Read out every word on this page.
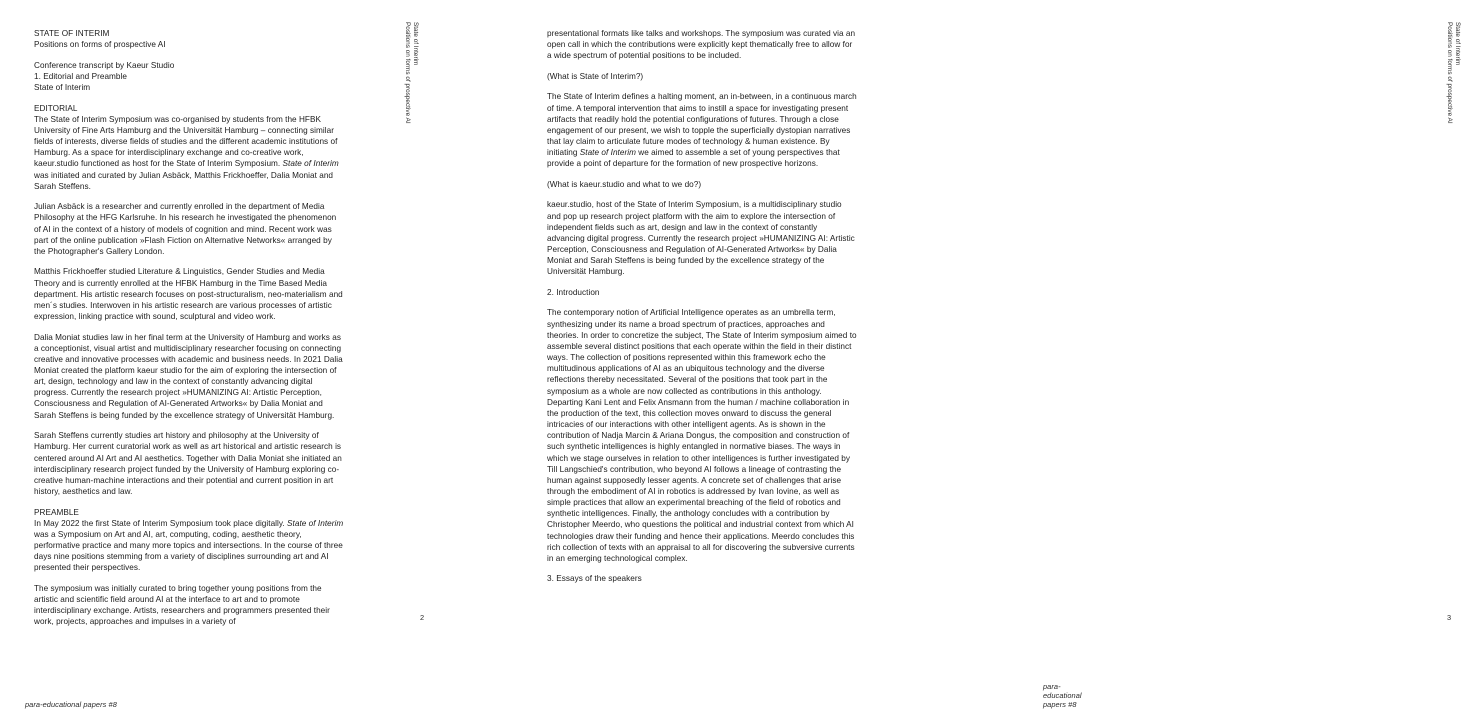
STATE OF INTERIM

Positions on forms of prospective AI

Conference transcript by Kaeur Studio

1. Editorial and Preamble

State of Interim

EDITORIAL

The State of Interim Symposium was co-organised by students from the HFBK University of Fine Arts Hamburg and the Universität Hamburg – connecting similar fields of interests, diverse fields of studies and the different academic institutions of Hamburg. As a space for interdisciplinary exchange and co-creative work, kaeur.studio functioned as host for the State of Interim Symposium. State of Interim was initiated and curated by Julian Asbäck, Matthis Frickhoeffer, Dalia Moniat and Sarah Steffens.

Julian Asbäck is a researcher and currently enrolled in the department of Media Philosophy at the HFG Karlsruhe. In his research he investigated the phenomenon of AI in the context of a history of models of cognition and mind. Recent work was part of the online publication »Flash Fiction on Alternative Networks« arranged by the Photographer's Gallery London.

Matthis Frickhoeffer studied Literature & Linguistics, Gender Studies and Media Theory and is currently enrolled at the HFBK Hamburg in the Time Based Media department. His artistic research focuses on post-structuralism, neo-materialism and men´s studies. Interwoven in his artistic research are various processes of artistic expression, linking practice with sound, sculptural and video work.

Dalia Moniat studies law in her final term at the University of Hamburg and works as a conceptionist, visual artist and multidisciplinary researcher focusing on connecting creative and innovative processes with academic and business needs. In 2021 Dalia Moniat created the platform kaeur studio for the aim of exploring the intersection of art, design, technology and law in the context of constantly advancing digital progress. Currently the research project »HUMANIZING AI: Artistic Perception, Consciousness and Regulation of AI-Generated Artworks« by Dalia Moniat and Sarah Steffens is being funded by the excellence strategy of Universität Hamburg.

Sarah Steffens currently studies art history and philosophy at the University of Hamburg. Her current curatorial work as well as art historical and artistic research is centered around AI Art and AI aesthetics. Together with Dalia Moniat she initiated an interdisciplinary research project funded by the University of Hamburg exploring co-creative human-machine interactions and their potential and current position in art history, aesthetics and law.

PREAMBLE

In May 2022 the first State of Interim Symposium took place digitally. State of Interim was a Symposium on Art and AI, art, computing, coding, aesthetic theory, performative practice and many more topics and intersections. In the course of three days nine positions stemming from a variety of disciplines surrounding art and AI presented their perspectives.

The symposium was initially curated to bring together young positions from the artistic and scientific field around AI at the interface to art and to promote interdisciplinary exchange. Artists, researchers and programmers presented their work, projects, approaches and impulses in a variety of

State of Interim
Positions on forms of prospective AI
2
para-educational papers #8

presentational formats like talks and workshops. The symposium was curated via an open call in which the contributions were explicitly kept thematically free to allow for a wide spectrum of potential positions to be included.

(What is State of Interim?)

The State of Interim defines a halting moment, an in-between, in a continuous march of time. A temporal intervention that aims to instill a space for investigating present artifacts that readily hold the potential configurations of futures. Through a close engagement of our present, we wish to topple the superficially dystopian narratives that lay claim to articulate future modes of technology & human existence. By initiating State of Interim we aimed to assemble a set of young perspectives that provide a point of departure for the formation of new prospective horizons.

(What is kaeur.studio and what to we do?)

kaeur.studio, host of the State of Interim Symposium, is a multidisciplinary studio and pop up research project platform with the aim to explore the intersection of independent fields such as art, design and law in the context of constantly advancing digital progress. Currently the research project »HUMANIZING AI: Artistic Perception, Consciousness and Regulation of AI-Generated Artworks« by Dalia Moniat and Sarah Steffens is being funded by the excellence strategy of the Universität Hamburg.

2. Introduction

The contemporary notion of Artificial Intelligence operates as an umbrella term, synthesizing under its name a broad spectrum of practices, approaches and theories. In order to concretize the subject, The State of Interim symposium aimed to assemble several distinct positions that each operate within the field in their distinct ways. The collection of positions represented within this framework echo the multitudinous applications of AI as an ubiquitous technology and the diverse reflections thereby necessitated. Several of the positions that took part in the symposium as a whole are now collected as contributions in this anthology. Departing Kani Lent and Felix Ansmann from the human / machine collaboration in the production of the text, this collection moves onward to discuss the general intricacies of our interactions with other intelligent agents. As is shown in the contribution of Nadja Marcin & Ariana Dongus, the composition and construction of such synthetic intelligences is highly entangled in normative biases. The ways in which we stage ourselves in relation to other intelligences is further investigated by Till Langschied's contribution, who beyond AI follows a lineage of contrasting the human against supposedly lesser agents. A concrete set of challenges that arise through the embodiment of AI in robotics is addressed by Ivan Iovine, as well as simple practices that allow an experimental breaching of the field of robotics and synthetic intelligences. Finally, the anthology concludes with a contribution by Christopher Meerdo, who questions the political and industrial context from which AI technologies draw their funding and hence their applications. Meerdo concludes this rich collection of texts with an appraisal to all for discovering the subversive currents in an emerging technological complex.

3. Essays of the speakers

State of Interim
Positions on forms of prospective AI
3
para-educational papers #8
